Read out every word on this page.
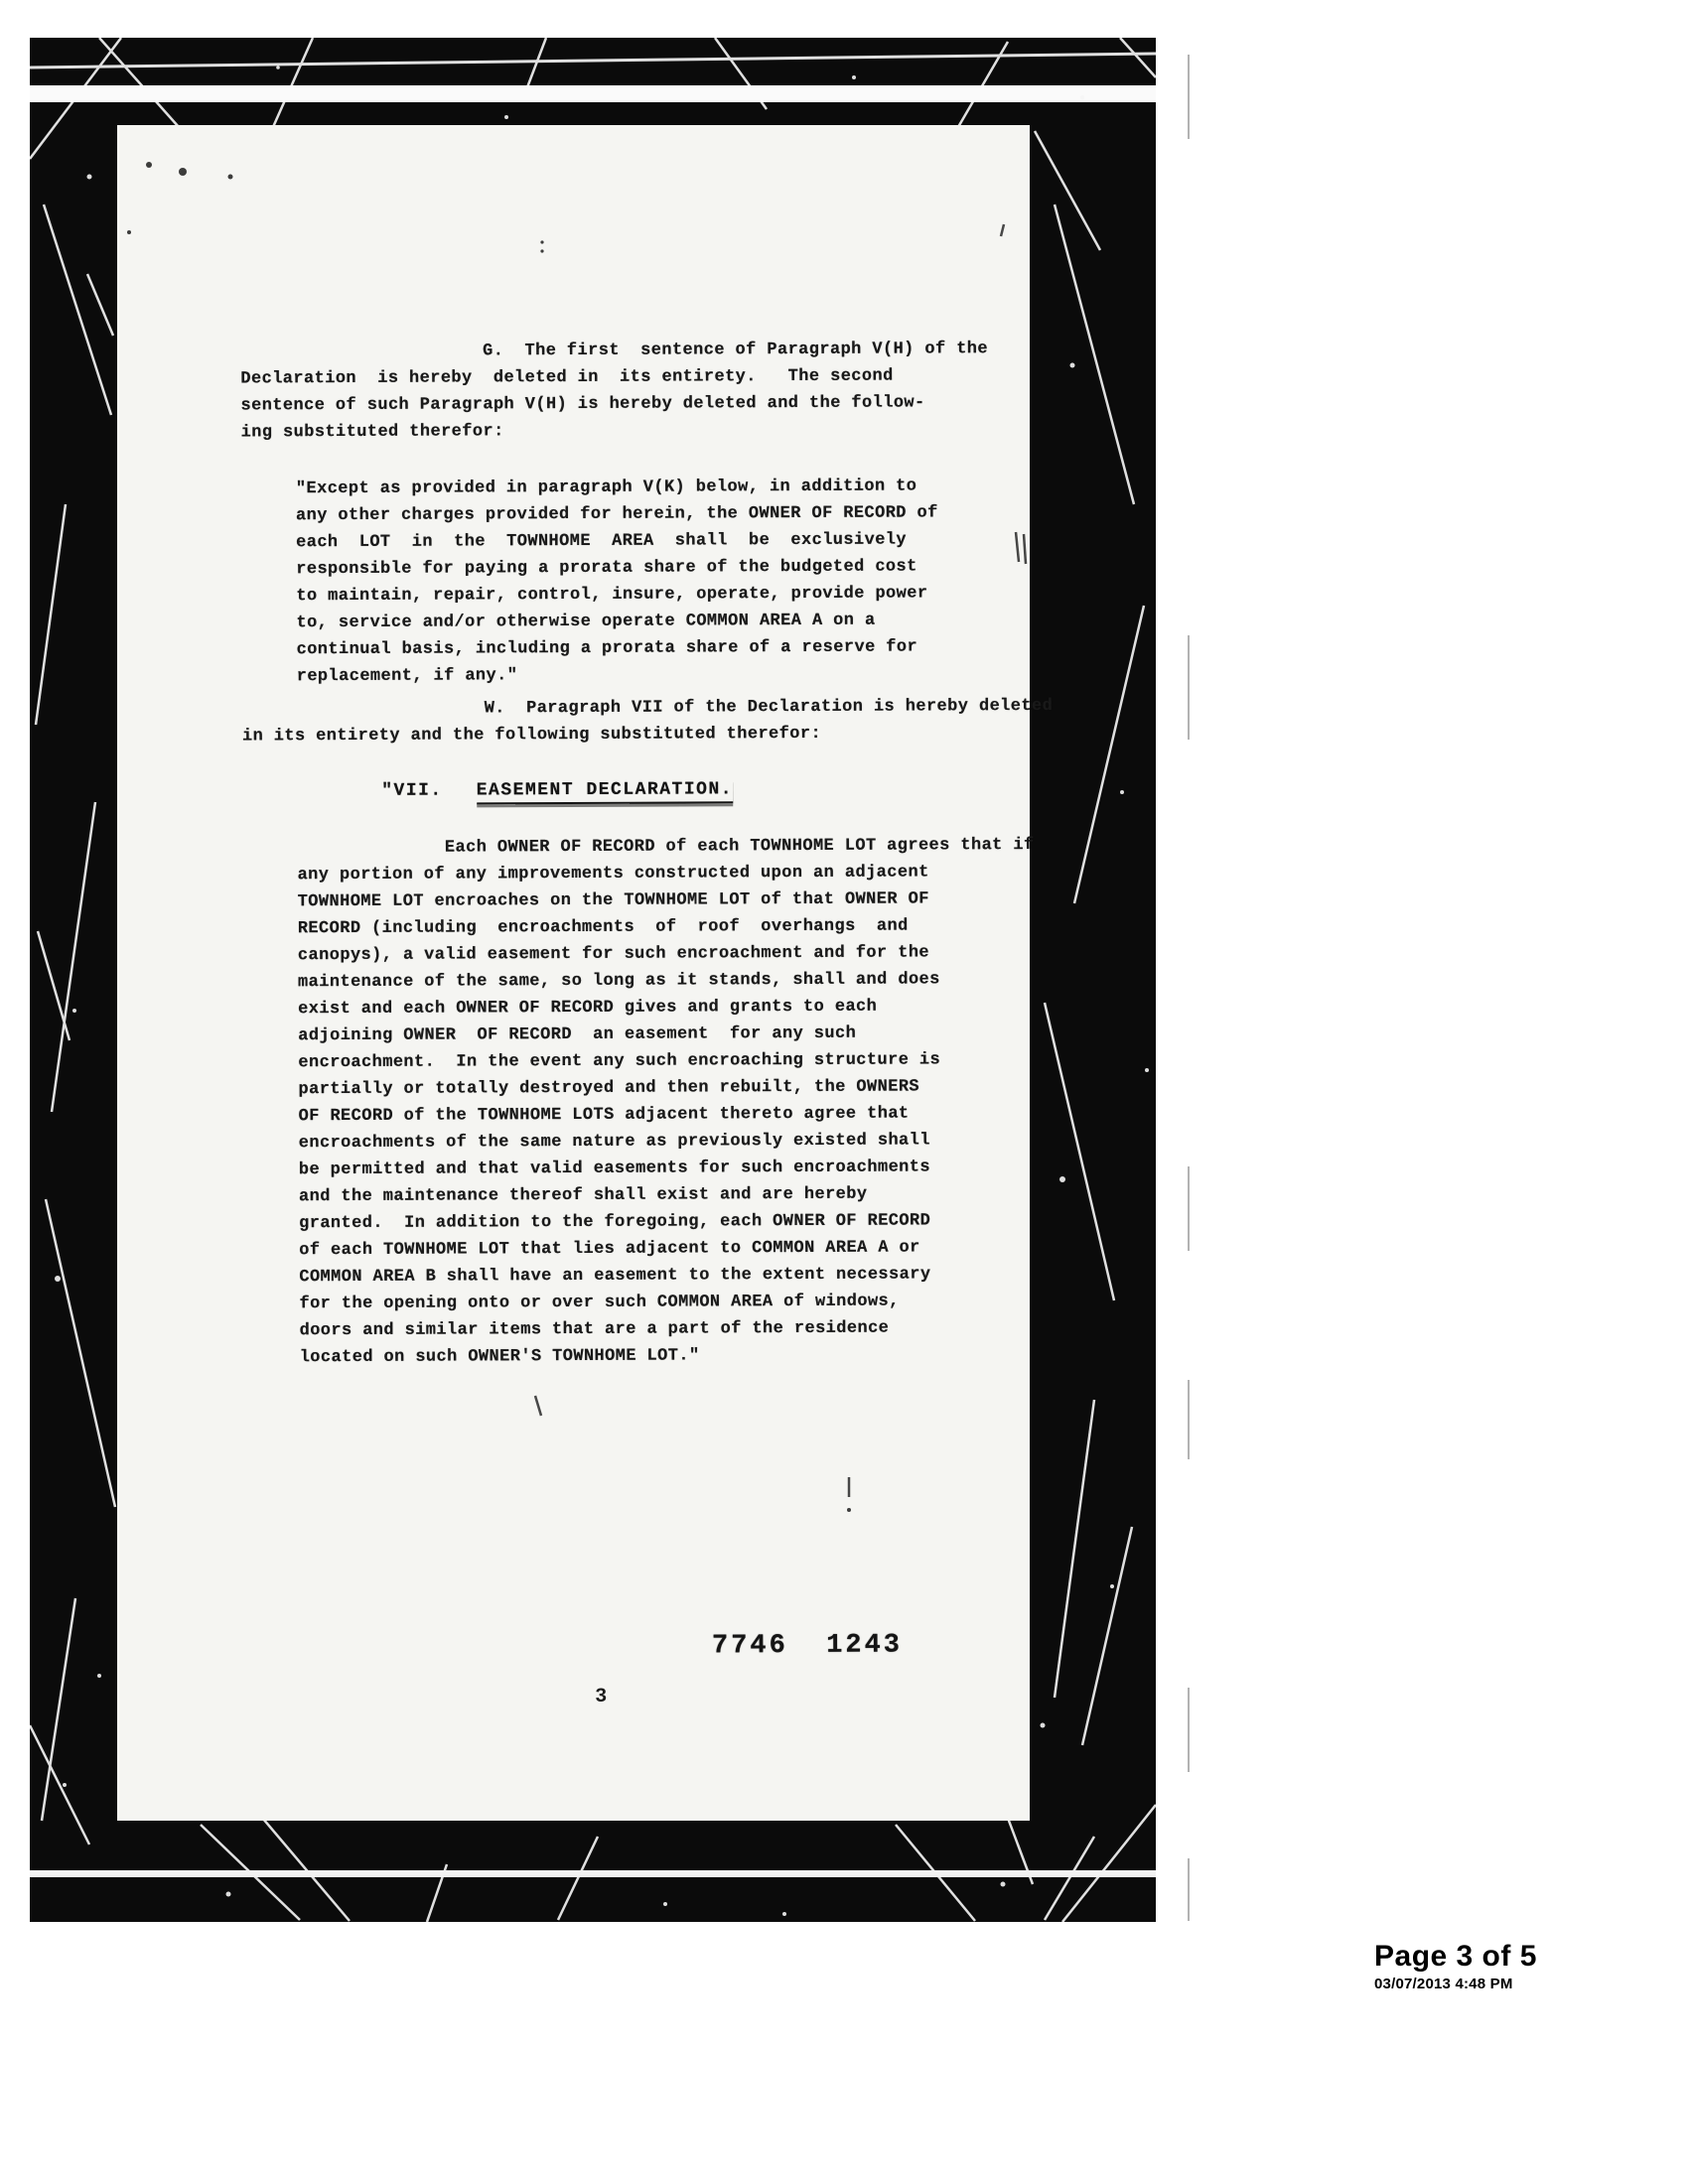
G.  The first  sentence of Paragraph V(H) of the
Declaration  is hereby  deleted in  its entirety.   The second
sentence of such Paragraph V(H) is hereby deleted and the follow-
ing substituted therefor:
"Except as provided in paragraph V(K) below, in addition to
any other charges provided for herein, the OWNER OF RECORD of
each  LOT  in  the  TOWNHOME  AREA  shall  be  exclusively
responsible for paying a prorata share of the budgeted cost
to maintain, repair, control, insure, operate, provide power
to, service and/or otherwise operate COMMON AREA A on a
continual basis, including a prorata share of a reserve for
replacement, if any."
W.  Paragraph VII of the Declaration is hereby deleted
in its entirety and the following substituted therefor:
"VII. EASEMENT DECLARATION.
Each OWNER OF RECORD of each TOWNHOME LOT agrees that if
any portion of any improvements constructed upon an adjacent
TOWNHOME LOT encroaches on the TOWNHOME LOT of that OWNER OF
RECORD (including  encroachments  of  roof  overhangs  and
canopys), a valid easement for such encroachment and for the
maintenance of the same, so long as it stands, shall and does
exist and each OWNER OF RECORD gives and grants to each
adjoining OWNER  OF RECORD  an easement  for any such
encroachment.  In the event any such encroaching structure is
partially or totally destroyed and then rebuilt, the OWNERS
OF RECORD of the TOWNHOME LOTS adjacent thereto agree that
encroachments of the same nature as previously existed shall
be permitted and that valid easements for such encroachments
and the maintenance thereof shall exist and are hereby
granted.  In addition to the foregoing, each OWNER OF RECORD
of each TOWNHOME LOT that lies adjacent to COMMON AREA A or
COMMON AREA B shall have an easement to the extent necessary
for the opening onto or over such COMMON AREA of windows,
doors and similar items that are a part of the residence
located on such OWNER'S TOWNHOME LOT."
7746  1243
3
Page 3 of 5
03/07/2013 4:48 PM
